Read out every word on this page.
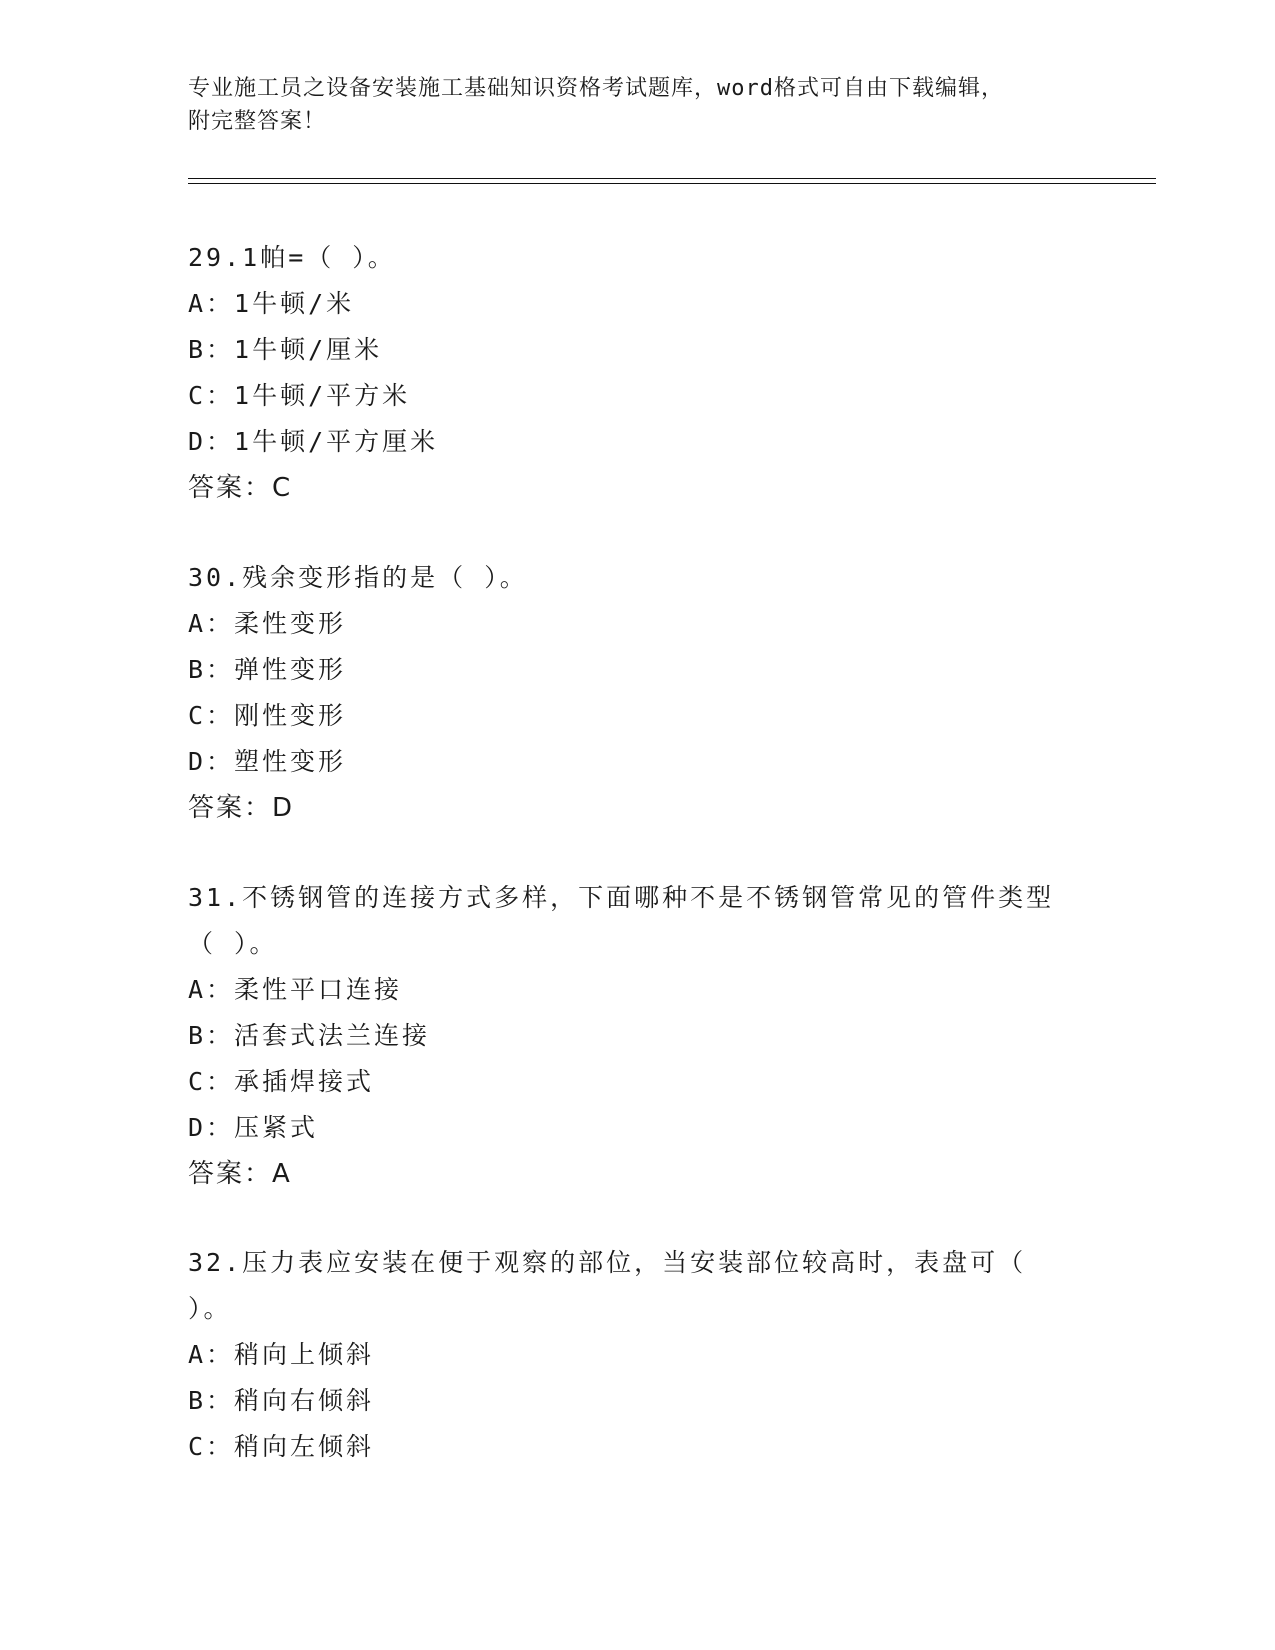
专业施工员之设备安装施工基础知识资格考试题库，word格式可自由下载编辑，

附完整答案！

29.1帕=（ ）。
A：1牛顿/米
B：1牛顿/厘米
C：1牛顿/平方米
D：1牛顿/平方厘米
答案：C
30.残余变形指的是（ ）。
A：柔性变形
B：弹性变形
C：刚性变形
D：塑性变形
答案：D
31.不锈钢管的连接方式多样，下面哪种不是不锈钢管常见的管件类型
（ ）。
A：柔性平口连接
B：活套式法兰连接
C：承插焊接式
D：压紧式
答案：A
32.压力表应安装在便于观察的部位，当安装部位较高时，表盘可（
）。
A：稍向上倾斜
B：稍向右倾斜
C：稍向左倾斜
